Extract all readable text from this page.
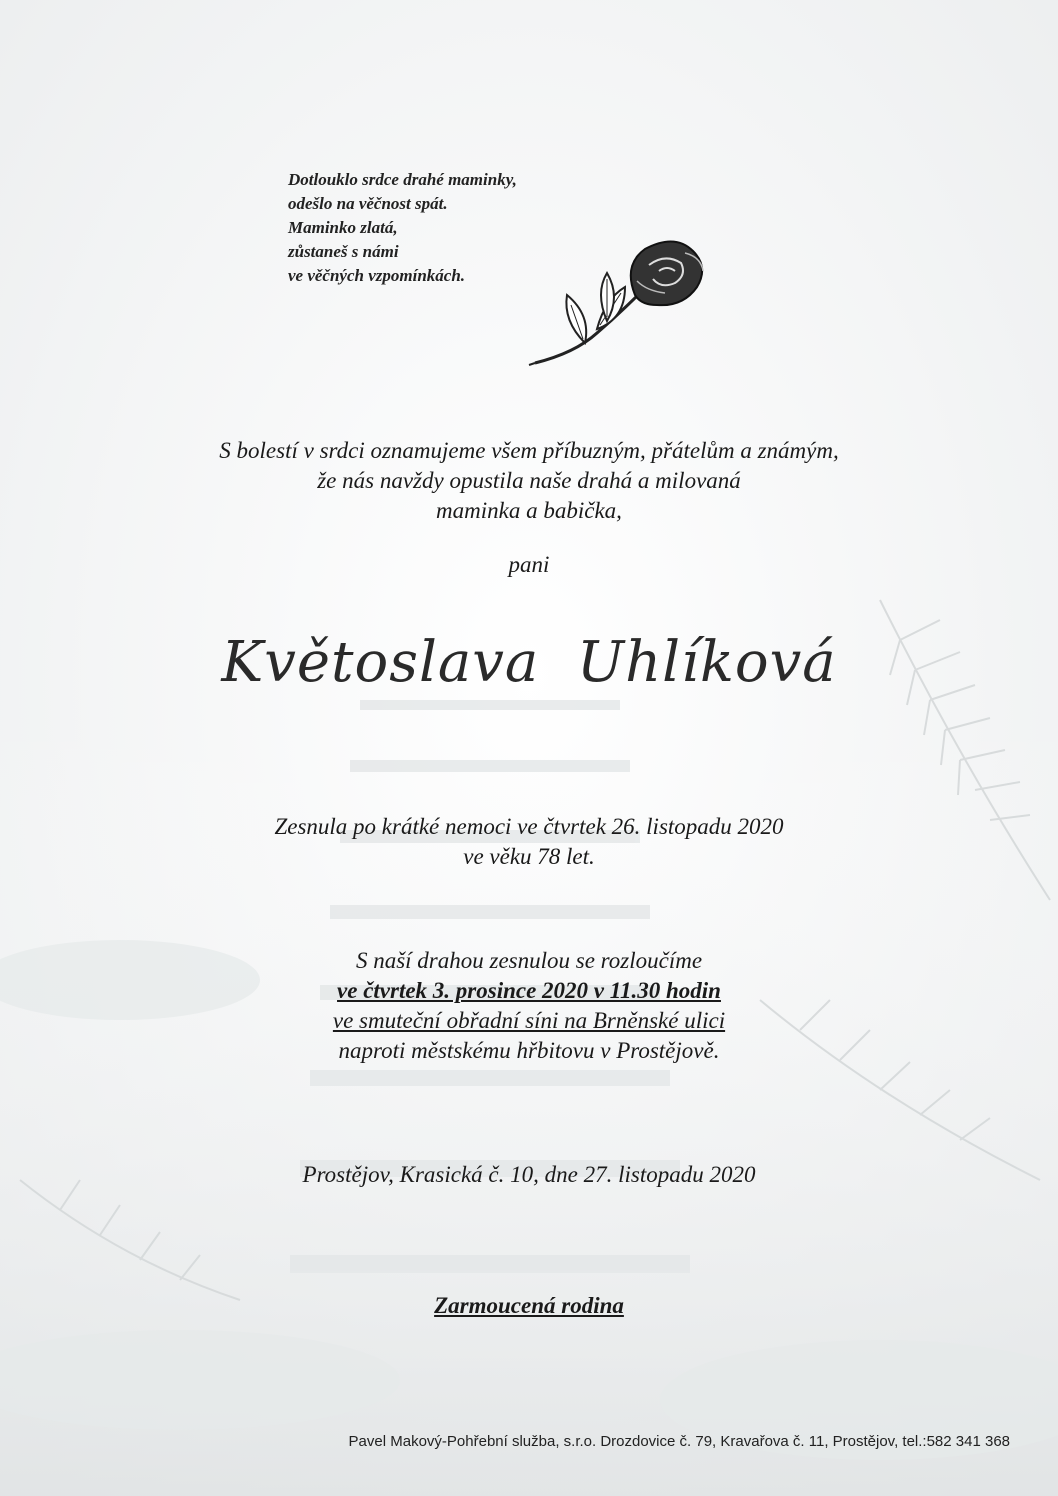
Dotlouklo srdce drahé maminky,
odešlo na věčnost spát.
Maminko zlatá,
zůstaneš s námi
ve věčných vzpomínkách.
S bolestí v srdci oznamujeme všem příbuzným, přátelům a známým,
že nás navždy opustila naše drahá a milovaná
maminka a babička,
pani
Květoslava  Uhlíková
Zesnula po krátké nemoci ve čtvrtek 26. listopadu 2020
ve věku 78 let.
S naší drahou zesnulou se rozloučíme
ve čtvrtek 3. prosince 2020 v 11.30 hodin
ve smuteční obřadní síni na Brněnské ulici
naproti městskému hřbitovu v Prostějově.
Prostějov, Krasická č. 10, dne 27. listopadu 2020
Zarmoucená rodina
Pavel Makový-Pohřební služba, s.r.o. Drozdovice č. 79, Kravařova č. 11, Prostějov, tel.:582 341 368
